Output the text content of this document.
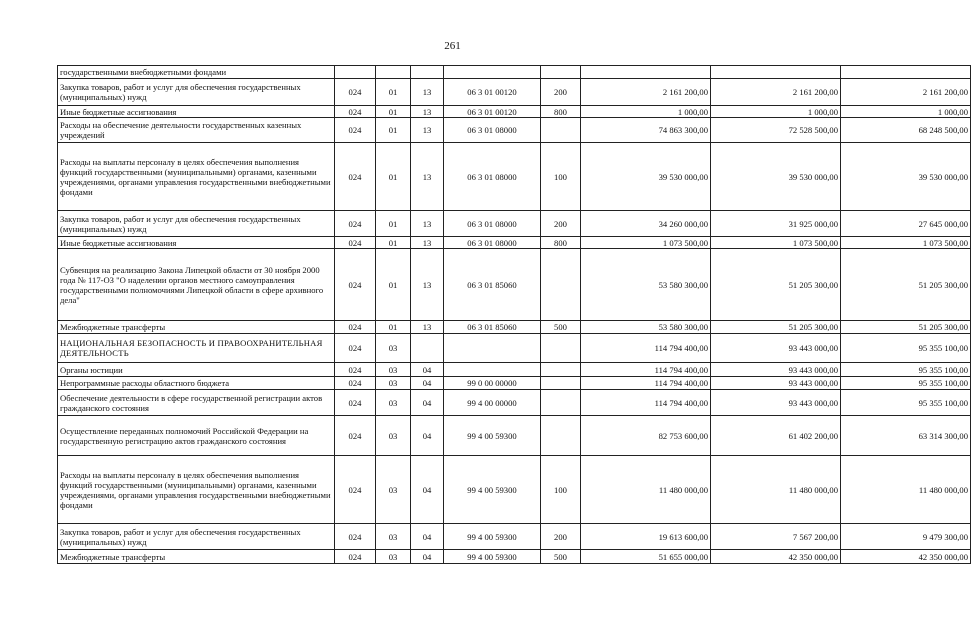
261
государственными внебюджетными фондами								
Закупка товаров, работ и услуг для обеспечения государственных (муниципальных) нужд	024	01	13	06 3 01 00120	200	2 161 200,00	2 161 200,00	2 161 200,00
Иные бюджетные ассигнования	024	01	13	06 3 01 00120	800	1 000,00	1 000,00	1 000,00
Расходы на обеспечение деятельности государственных казенных учреждений	024	01	13	06 3 01 08000		74 863 300,00	72 528 500,00	68 248 500,00
Расходы на выплаты персоналу в целях обеспечения выполнения функций государственными (муниципальными) органами, казенными учреждениями, органами управления государственными внебюджетными фондами	024	01	13	06 3 01 08000	100	39 530 000,00	39 530 000,00	39 530 000,00
Закупка товаров, работ и услуг для обеспечения государственных (муниципальных) нужд	024	01	13	06 3 01 08000	200	34 260 000,00	31 925 000,00	27 645 000,00
Иные бюджетные ассигнования	024	01	13	06 3 01 08000	800	1 073 500,00	1 073 500,00	1 073 500,00
Субвенция на реализацию Закона Липецкой области от 30 ноября 2000 года № 117-ОЗ "О наделении органов местного самоуправления государственными полномочиями Липецкой области в сфере архивного дела"	024	01	13	06 3 01 85060		53 580 300,00	51 205 300,00	51 205 300,00
Межбюджетные трансферты	024	01	13	06 3 01 85060	500	53 580 300,00	51 205 300,00	51 205 300,00
НАЦИОНАЛЬНАЯ БЕЗОПАСНОСТЬ И ПРАВООХРАНИТЕЛЬНАЯ ДЕЯТЕЛЬНОСТЬ	024	03				114 794 400,00	93 443 000,00	95 355 100,00
Органы юстиции	024	03	04			114 794 400,00	93 443 000,00	95 355 100,00
Непрограммные расходы областного бюджета	024	03	04	99 0 00 00000		114 794 400,00	93 443 000,00	95 355 100,00
Обеспечение деятельности в сфере государственной регистрации актов гражданского состояния	024	03	04	99 4 00 00000		114 794 400,00	93 443 000,00	95 355 100,00
Осуществление переданных полномочий Российской Федерации на государственную регистрацию актов гражданского состояния	024	03	04	99 4 00 59300		82 753 600,00	61 402 200,00	63 314 300,00
Расходы на выплаты персоналу в целях обеспечения выполнения функций государственными (муниципальными) органами, казенными учреждениями, органами управления государственными внебюджетными фондами	024	03	04	99 4 00 59300	100	11 480 000,00	11 480 000,00	11 480 000,00
Закупка товаров, работ и услуг для обеспечения государственных (муниципальных) нужд	024	03	04	99 4 00 59300	200	19 613 600,00	7 567 200,00	9 479 300,00
Межбюджетные трансферты	024	03	04	99 4 00 59300	500	51 655 000,00	42 350 000,00	42 350 000,00
